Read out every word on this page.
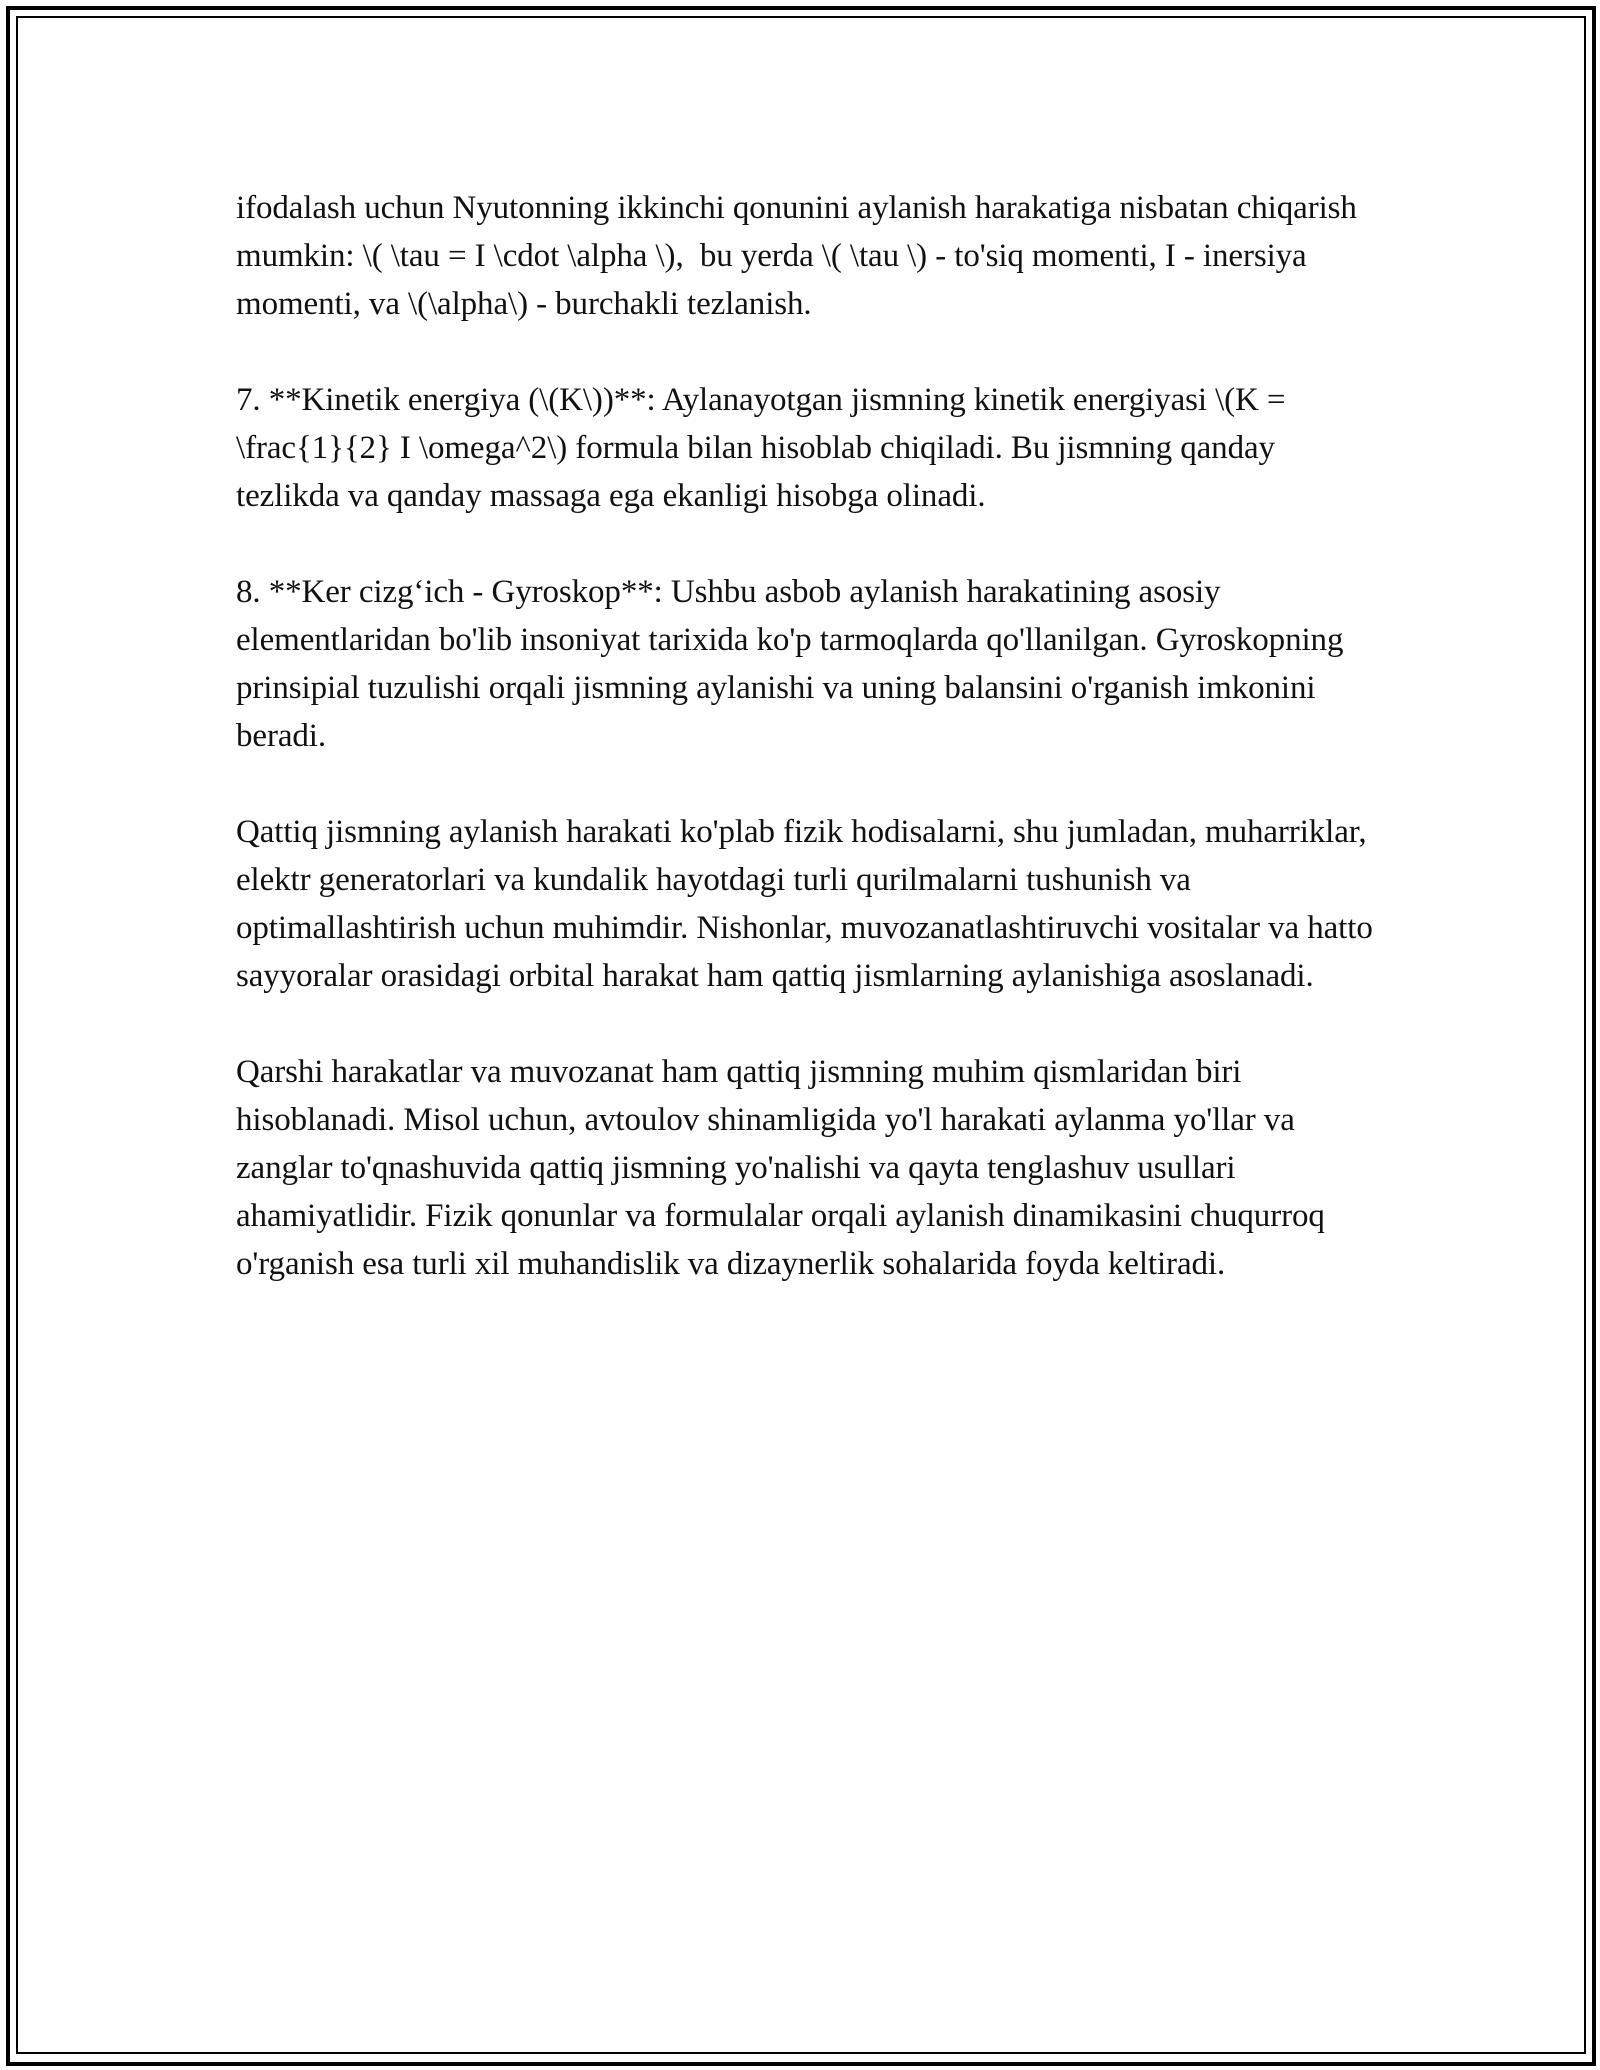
ifodalash uchun Nyutonning ikkinchi qonunini aylanish harakatiga nisbatan chiqarish mumkin: \( \tau = I \cdot \alpha \),  bu yerda \( \tau \) - to'siq momenti, I - inersiya momenti, va \(\alpha\) - burchakli tezlanish.

7. **Kinetik energiya (\(K\))**: Aylanayotgan jismning kinetik energiyasi \(K = \frac{1}{2} I \omega^2\) formula bilan hisoblab chiqiladi. Bu jismning qanday tezlikda va qanday massaga ega ekanligi hisobga olinadi.

8. **Ker cizg‘ich - Gyroskop**: Ushbu asbob aylanish harakatining asosiy elementlaridan bo'lib insoniyat tarixida ko'p tarmoqlarda qo'llanilgan. Gyroskopning prinsipial tuzulishi orqali jismning aylanishi va uning balansini o'rganish imkonini beradi.

Qattiq jismning aylanish harakati ko'plab fizik hodisalarni, shu jumladan, muharriklar, elektr generatorlari va kundalik hayotdagi turli qurilmalarni tushunish va optimallashtirish uchun muhimdir. Nishonlar, muvozanatlashtiruvchi vositalar va hatto sayyoralar orasidagi orbital harakat ham qattiq jismlarning aylanishiga asoslanadi.

Qarshi harakatlar va muvozanat ham qattiq jismning muhim qismlaridan biri hisoblanadi. Misol uchun, avtoulov shinamligida yo'l harakati aylanma yo'llar va zanglar to'qnashuvida qattiq jismning yo'nalishi va qayta tenglashuv usullari ahamiyatlidir. Fizik qonunlar va formulalar orqali aylanish dinamikasini chuqurroq o'rganish esa turli xil muhandislik va dizaynerlik sohalarida foyda keltiradi.
